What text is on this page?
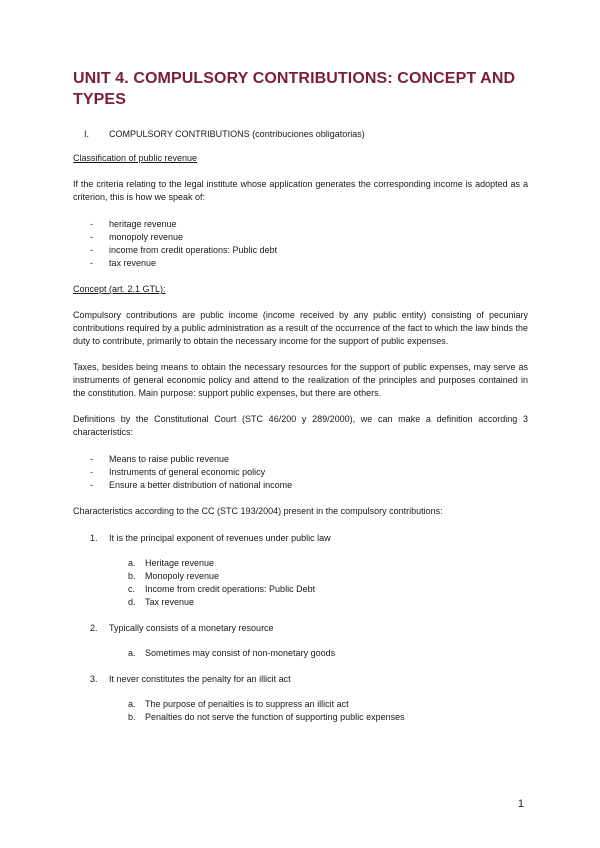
UNIT 4. COMPULSORY CONTRIBUTIONS: CONCEPT AND TYPES
I.	COMPULSORY CONTRIBUTIONS (contribuciones obligatorias)
Classification of public revenue

If the criteria relating to the legal institute whose application generates the corresponding income is adopted as a criterion, this is how we speak of:

- heritage revenue
- monopoly revenue
- income from credit operations: Public debt
- tax revenue
Concept (art. 2.1 GTL):

Compulsory contributions are public income (income received by any public entity) consisting of pecuniary contributions required by a public administration as a result of the occurrence of the fact to which the law binds the duty to contribute, primarily to obtain the necessary income for the support of public expenses.

Taxes, besides being means to obtain the necessary resources for the support of public expenses, may serve as instruments of general economic policy and attend to the realization of the principles and purposes contained in the constitution. Main purpose: support public expenses, but there are others.

Definitions by the Constitutional Court (STC 46/200 y 289/2000), we can make a definition according 3 characteristics:

- Means to raise public revenue
- Instruments of general economic policy
- Ensure a better distribution of national income

Characteristics according to the CC (STC 193/2004) present in the compulsory contributions:

1. It is the principal exponent of revenues under public law
a. Heritage revenue
b. Monopoly revenue
c. Income from credit operations: Public Debt
d. Tax revenue
2. Typically consists of a monetary resource
a. Sometimes may consist of non-monetary goods
3. It never constitutes the penalty for an illicit act
a. The purpose of penalties is to suppress an illicit act
b. Penalties do not serve the function of supporting public expenses
1
